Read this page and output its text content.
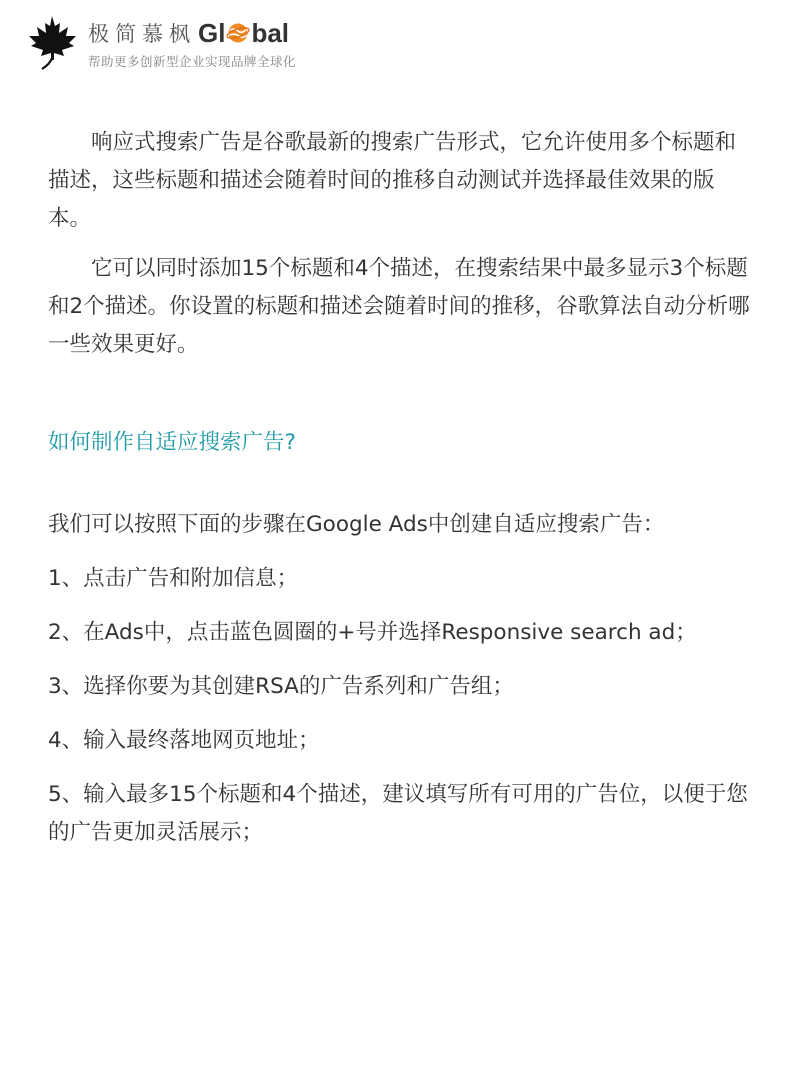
极简慕枫 Gl bal
帮助更多创新型企业实现品牌全球化

响应式搜索广告是谷歌最新的搜索广告形式，它允许使用多个标题和描述，这些标题和描述会随着时间的推移自动测试并选择最佳效果的版本。

它可以同时添加15个标题和4个描述，在搜索结果中最多显示3个标题和2个描述。你设置的标题和描述会随着时间的推移，谷歌算法自动分析哪一些效果更好。

如何制作自适应搜索广告?

我们可以按照下面的步骤在Google Ads中创建自适应搜索广告：

1、点击广告和附加信息；
2、在Ads中，点击蓝色圆圈的+号并选择Responsive search ad；
3、选择你要为其创建RSA的广告系列和广告组；
4、输入最终落地网页地址；
5、输入最多15个标题和4个描述，建议填写所有可用的广告位，以便于您的广告更加灵活展示；
